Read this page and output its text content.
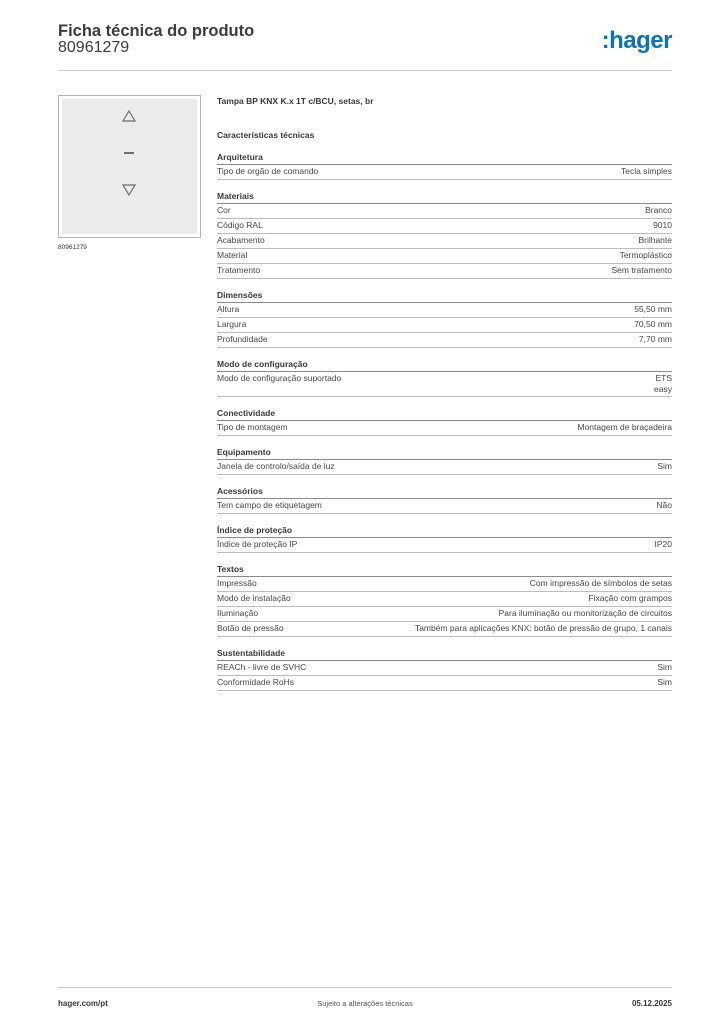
Ficha técnica do produto
80961279	:hager
80961279
Tampa BP KNX K.x 1T c/BCU, setas, br
Características técnicas
Arquitetura
Tipo de orgão de comando	Tecla simples
Materiais
Cor	Branco
Código RAL	9010
Acabamento	Brilhante
Material	Termoplástico
Tratamento	Sem tratamento
Dimensões
Altura	55,50 mm
Largura	70,50 mm
Profundidade	7,70 mm
Modo de configuração
Modo de configuração suportado	ETS
easy
Conectividade
Tipo de montagem	Montagem de braçadeira
Equipamento
Janela de controlo/saída de luz	Sim
Acessórios
Tem campo de etiquetagem	Não
Índice de proteção
Índice de proteção IP	IP20
Textos
Impressão	Com impressão de símbolos de setas
Modo de instalação	Fixação com grampos
Iluminação	Para iluminação ou monitorização de circuitos
Botão de pressão	Também para aplicações KNX: botão de pressão de grupo, 1 canais
Sustentabilidade
REACh - livre de SVHC	Sim
Conformidade RoHs	Sim
hager.com/pt	Sujeito a alterações técnicas	05.12.2025
